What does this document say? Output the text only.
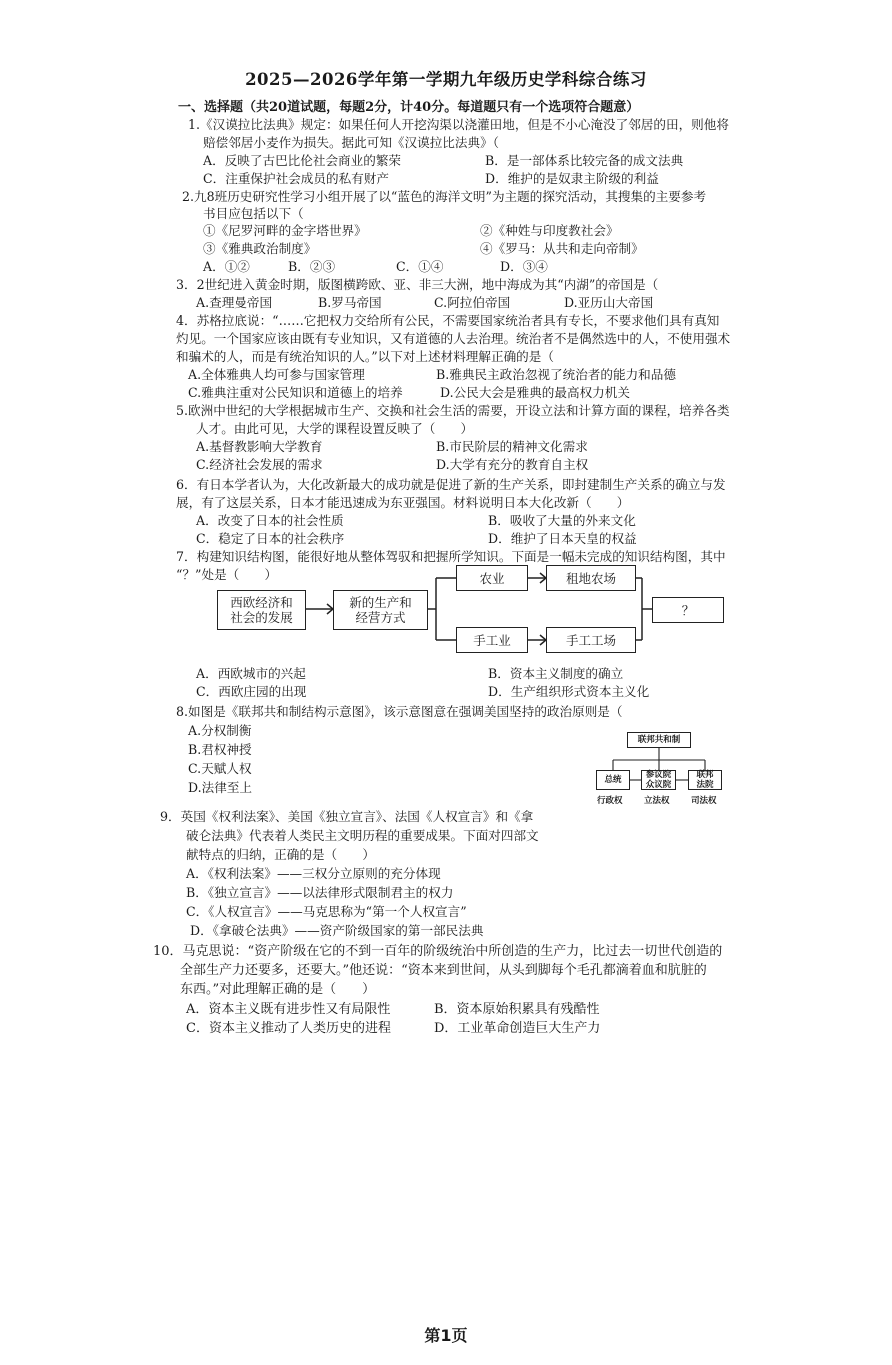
2025—2026学年第一学期九年级历史学科综合练习
一、选择题（共20道试题，每题2分，计40分。每道题只有一个选项符合题意）
1.《汉谟拉比法典》规定：如果任何人开挖沟渠以浇灌田地，但是不小心淹没了邻居的田，则他将
赔偿邻居小麦作为损失。据此可知《汉谟拉比法典》（
A．反映了古巴比伦社会商业的繁荣	B．是一部体系比较完备的成文法典
C．注重保护社会成员的私有财产	D．维护的是奴隶主阶级的利益
2.九8班历史研究性学习小组开展了以“蓝色的海洋文明”为主题的探究活动，其搜集的主要参考
书目应包括以下（
①《尼罗河畔的金字塔世界》	②《种姓与印度教社会》
③《雅典政治制度》	④《罗马：从共和走向帝制》
A．①②	B．②③	C．①④	D．③④
3．2世纪进入黄金时期，版图横跨欧、亚、非三大洲，地中海成为其“内湖”的帝国是（
A.查理曼帝国	B.罗马帝国	C.阿拉伯帝国	D.亚历山大帝国
4．苏格拉底说：“……它把权力交给所有公民，不需要国家统治者具有专长，不要求他们具有真知
灼见。一个国家应该由既有专业知识，又有道德的人去治理。统治者不是偶然选中的人，不使用强术
和骗术的人，而是有统治知识的人。”以下对上述材料理解正确的是（
A.全体雅典人均可参与国家管理	B.雅典民主政治忽视了统治者的能力和品德
C.雅典注重对公民知识和道德上的培养	D.公民大会是雅典的最高权力机关
5.欧洲中世纪的大学根据城市生产、交换和社会生活的需要，开设立法和计算方面的课程，培养各类
人才。由此可见，大学的课程设置反映了（　　）
A.基督教影响大学教育	B.市民阶层的精神文化需求
C.经济社会发展的需求	D.大学有充分的教育自主权
6．有日本学者认为，大化改新最大的成功就是促进了新的生产关系，即封建制生产关系的确立与发
展，有了这层关系，日本才能迅速成为东亚强国。材料说明日本大化改新（　　）
A．改变了日本的社会性质	B．吸收了大量的外来文化
C．稳定了日本的社会秩序	D．维护了日本天皇的权益
7．构建知识结构图，能很好地从整体驾驭和把握所学知识。下面是一幅未完成的知识结构图，其中
“？”处是（　　）
西欧经济和社会的发展
新的生产和经营方式
农业	租地农场
手工业	手工工场
？
A．西欧城市的兴起	B．资本主义制度的确立
C．西欧庄园的出现	D．生产组织形式资本主义化
8.如图是《联邦共和制结构示意图》，该示意图意在强调美国坚持的政治原则是（
A.分权制衡
B.君权神授
C.天赋人权
D.法律至上
联邦共和制
总统	参议院众议院
联邦法院
行政权	立法权	司法权
9．英国《权利法案》、美国《独立宣言》、法国《人权宣言》和《拿
破仑法典》代表着人类民主文明历程的重要成果。下面对四部文
献特点的归纳，正确的是（　　）
A．《权利法案》——三权分立原则的充分体现
B．《独立宣言》——以法律形式限制君主的权力
C．《人权宣言》——马克思称为“第一个人权宣言”
D．《拿破仑法典》——资产阶级国家的第一部民法典
10．马克思说：“资产阶级在它的不到一百年的阶级统治中所创造的生产力，比过去一切世代创造的
全部生产力还要多，还要大。”他还说：“资本来到世间，从头到脚每个毛孔都滴着血和肮脏的
东西。”对此理解正确的是（　　）
A．资本主义既有进步性又有局限性	B．资本原始积累具有残酷性
C．资本主义推动了人类历史的进程	D．工业革命创造巨大生产力
第1页
